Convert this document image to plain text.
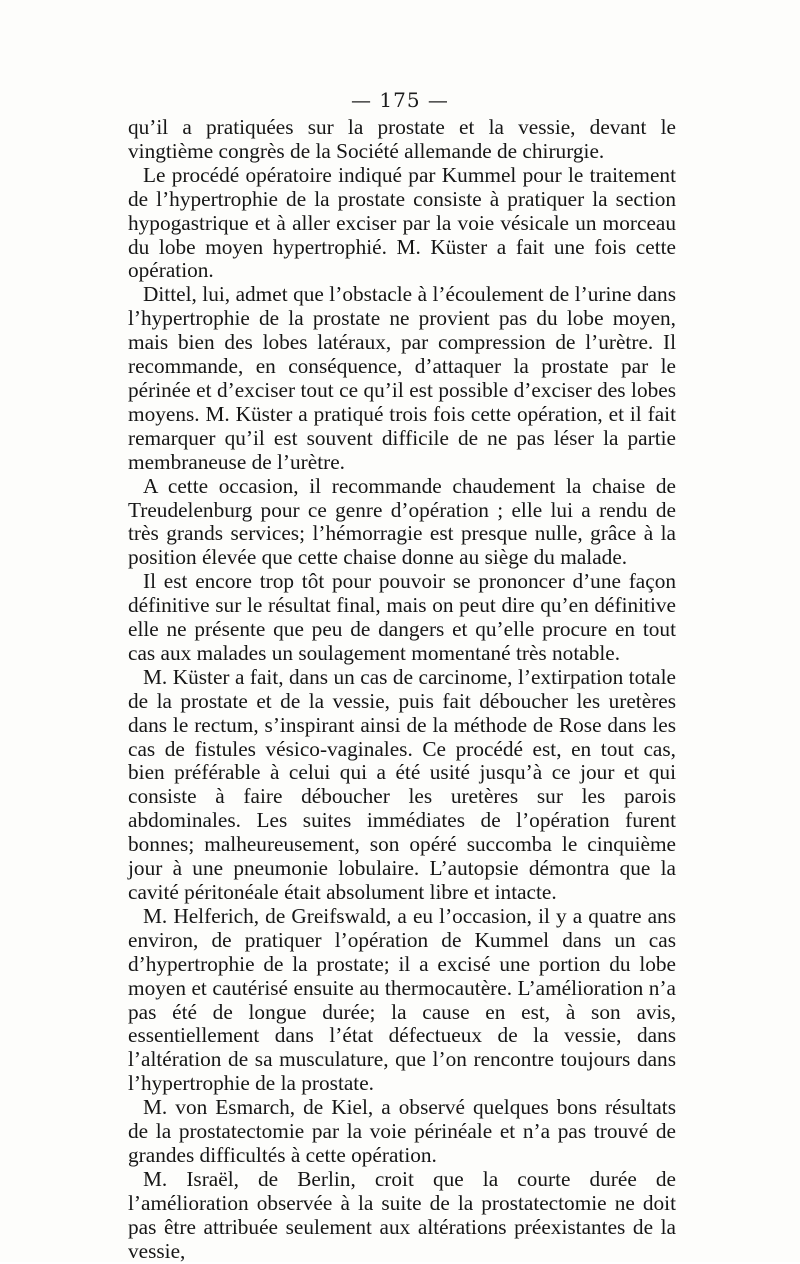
— 175 —

qu’il a pratiquées sur la prostate et la vessie, devant le vingtième congrès de la Société allemande de chirurgie.

Le procédé opératoire indiqué par Kummel pour le traitement de l’hypertrophie de la prostate consiste à pratiquer la section hypogastrique et à aller exciser par la voie vésicale un morceau du lobe moyen hypertrophié. M. Küster a fait une fois cette opération.

Dittel, lui, admet que l’obstacle à l’écoulement de l’urine dans l’hypertrophie de la prostate ne provient pas du lobe moyen, mais bien des lobes latéraux, par compression de l’urètre. Il recommande, en conséquence, d’attaquer la prostate par le périnée et d’exciser tout ce qu’il est possible d’exciser des lobes moyens. M. Küster a pratiqué trois fois cette opération, et il fait remarquer qu’il est souvent difficile de ne pas léser la partie membraneuse de l’urètre.

A cette occasion, il recommande chaudement la chaise de Treudelenburg pour ce genre d’opération ; elle lui a rendu de très grands services; l’hémorragie est presque nulle, grâce à la position élevée que cette chaise donne au siège du malade.

Il est encore trop tôt pour pouvoir se prononcer d’une façon définitive sur le résultat final, mais on peut dire qu’en définitive elle ne présente que peu de dangers et qu’elle procure en tout cas aux malades un soulagement momentané très notable.

M. Küster a fait, dans un cas de carcinome, l’extirpation totale de la prostate et de la vessie, puis fait déboucher les uretères dans le rectum, s’inspirant ainsi de la méthode de Rose dans les cas de fistules vésico-vaginales. Ce procédé est, en tout cas, bien préférable à celui qui a été usité jusqu’à ce jour et qui consiste à faire déboucher les uretères sur les parois abdominales. Les suites immédiates de l’opération furent bonnes; malheureusement, son opéré succomba le cinquième jour à une pneumonie lobulaire. L’autopsie démontra que la cavité péritonéale était absolument libre et intacte.

M. Helferich, de Greifswald, a eu l’occasion, il y a quatre ans environ, de pratiquer l’opération de Kummel dans un cas d’hypertrophie de la prostate; il a excisé une portion du lobe moyen et cautérisé ensuite au thermocautère. L’amélioration n’a pas été de longue durée; la cause en est, à son avis, essentiellement dans l’état défectueux de la vessie, dans l’altération de sa musculature, que l’on rencontre toujours dans l’hypertrophie de la prostate.

M. von Esmarch, de Kiel, a observé quelques bons résultats de la prostatectomie par la voie périnéale et n’a pas trouvé de grandes difficultés à cette opération.

M. Israël, de Berlin, croit que la courte durée de l’amélioration observée à la suite de la prostatectomie ne doit pas être attribuée seulement aux altérations préexistantes de la vessie,
